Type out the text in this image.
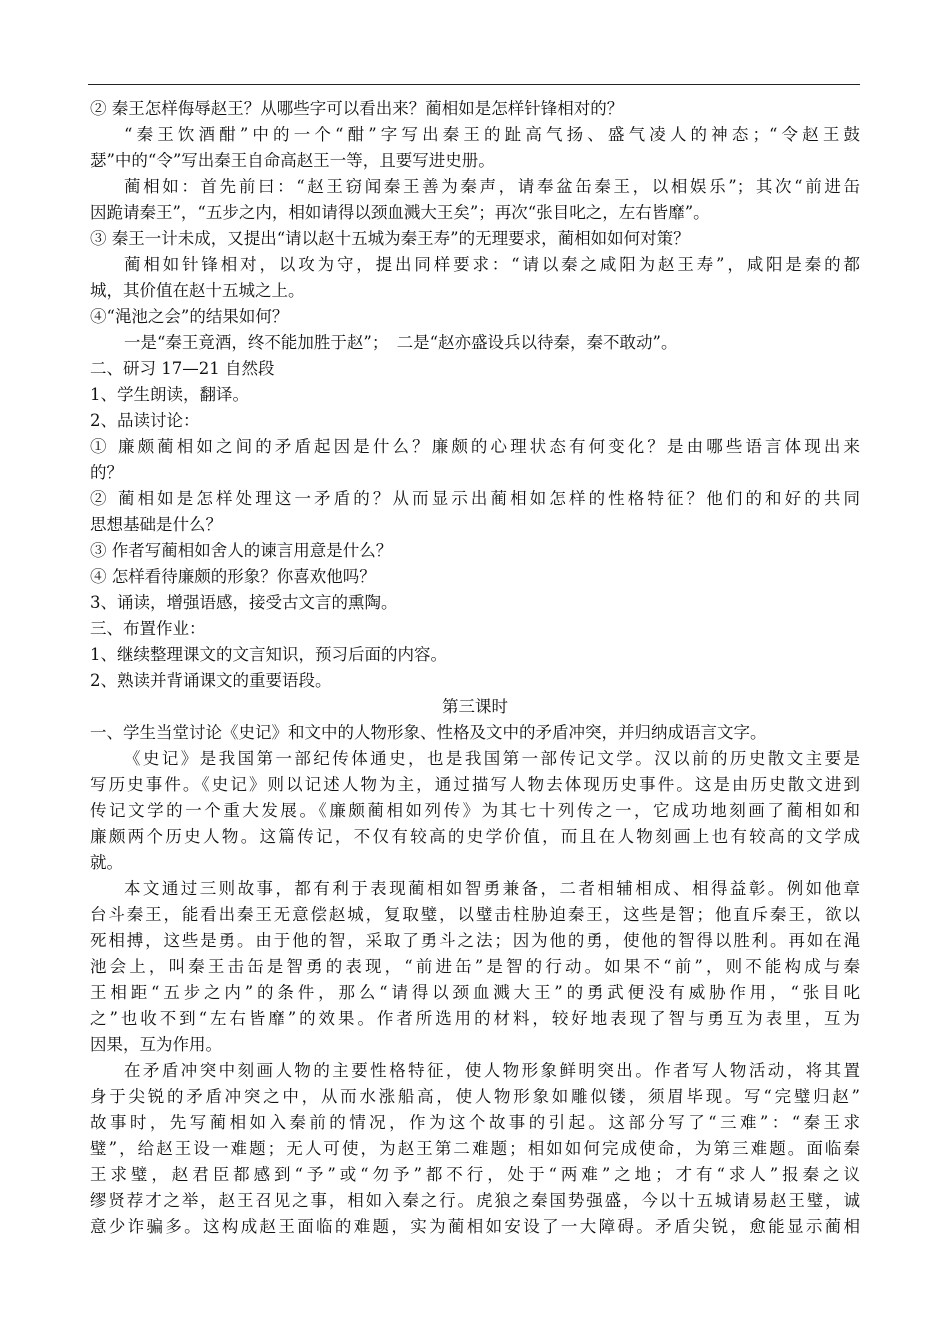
② 秦王怎样侮辱赵王？从哪些字可以看出来？蔺相如是怎样针锋相对的？
“秦王饮酒酣”中的一个“酣”字写出秦王的趾高气扬、盛气凌人的神态；“令赵王鼓
瑟”中的“令”写出秦王自命高赵王一等，且要写进史册。
蔺相如：首先前曰：“赵王窃闻秦王善为秦声，请奉盆缶秦王，以相娱乐”；其次“前进缶
因跪请秦王”，“五步之内，相如请得以颈血溅大王矣”；再次“张目叱之，左右皆靡”。
③ 秦王一计未成，又提出“请以赵十五城为秦王寿”的无理要求，蔺相如如何对策？
蔺相如针锋相对，以攻为守，提出同样要求：“请以秦之咸阳为赵王寿”，咸阳是秦的都
城，其价值在赵十五城之上。
④“渑池之会”的结果如何？
一是“秦王竟酒，终不能加胜于赵”；　二是“赵亦盛设兵以待秦，秦不敢动”。
二、研习 17—21 自然段
1、学生朗读，翻译。
2、品读讨论：
① 廉颇蔺相如之间的矛盾起因是什么？廉颇的心理状态有何变化？是由哪些语言体现出来
的？
② 蔺相如是怎样处理这一矛盾的？从而显示出蔺相如怎样的性格特征？他们的和好的共同
思想基础是什么？
③ 作者写蔺相如舍人的谏言用意是什么？
④ 怎样看待廉颇的形象？你喜欢他吗？
3、诵读，增强语感，接受古文言的熏陶。
三、布置作业：
1、继续整理课文的文言知识，预习后面的内容。
2、熟读并背诵课文的重要语段。
第三课时
一、学生当堂讨论《史记》和文中的人物形象、性格及文中的矛盾冲突，并归纳成语言文字。
《史记》是我国第一部纪传体通史，也是我国第一部传记文学。汉以前的历史散文主要是
写历史事件。《史记》则以记述人物为主，通过描写人物去体现历史事件。这是由历史散文进到
传记文学的一个重大发展。《廉颇蔺相如列传》为其七十列传之一，它成功地刻画了蔺相如和
廉颇两个历史人物。这篇传记，不仅有较高的史学价值，而且在人物刻画上也有较高的文学成
就。
本文通过三则故事，都有利于表现蔺相如智勇兼备，二者相辅相成、相得益彰。例如他章
台斗秦王，能看出秦王无意偿赵城，复取璧，以璧击柱胁迫秦王，这些是智；他直斥秦王，欲以
死相搏，这些是勇。由于他的智，采取了勇斗之法；因为他的勇，使他的智得以胜利。再如在渑
池会上，叫秦王击缶是智勇的表现，“前进缶”是智的行动。如果不“前”，则不能构成与秦
王相距“五步之内”的条件，那么“请得以颈血溅大王”的勇武便没有威胁作用，“张目叱
之”也收不到“左右皆靡”的效果。作者所选用的材料，较好地表现了智与勇互为表里，互为
因果，互为作用。
在矛盾冲突中刻画人物的主要性格特征，使人物形象鲜明突出。作者写人物活动，将其置
身于尖锐的矛盾冲突之中，从而水涨船高，使人物形象如雕似镂，须眉毕现。写“完璧归赵”
故事时，先写蔺相如入秦前的情况，作为这个故事的引起。这部分写了“三难”：“秦王求
璧”，给赵王设一难题；无人可使，为赵王第二难题；相如如何完成使命，为第三难题。面临秦
王求璧，赵君臣都感到“予”或“勿予”都不行，处于“两难”之地；才有“求人”报秦之议
缪贤荐才之举，赵王召见之事，相如入秦之行。虎狼之秦国势强盛，今以十五城请易赵王璧，诚
意少诈骗多。这构成赵王面临的难题，实为蔺相如安设了一大障碍。矛盾尖锐，愈能显示蔺相
